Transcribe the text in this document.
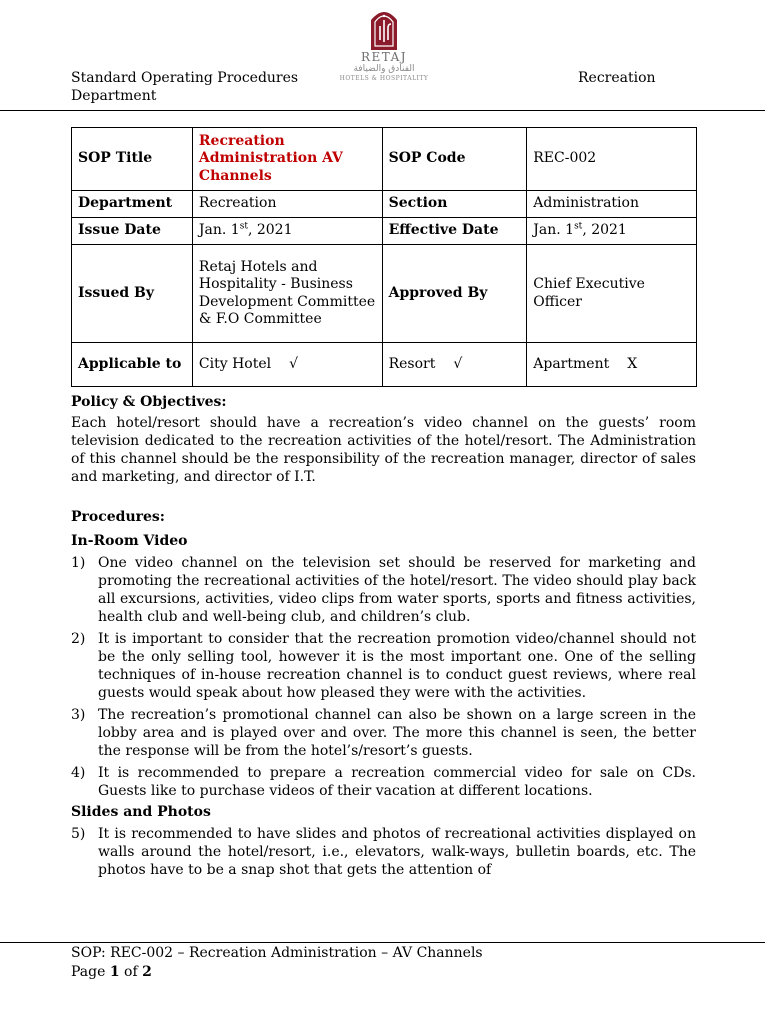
RETAJ
الفنادق والضيافة
HOTELS & HOSPITALITY
Standard Operating Procedures
Department
Recreation
SOP Title	Recreation Administration AV Channels	SOP Code	REC-002
Department	Recreation	Section	Administration
Issue Date	Jan. 1st, 2021	Effective Date	Jan. 1st, 2021
Issued By	Retaj Hotels and Hospitality - Business Development Committee & F.O Committee	Approved By	Chief Executive Officer
Applicable to	City Hotel √	Resort √	Apartment X
Policy & Objectives:

Each hotel/resort should have a recreation’s video channel on the guests’ room television dedicated to the recreation activities of the hotel/resort. The Administration of this channel should be the responsibility of the recreation manager, director of sales and marketing, and director of I.T.

Procedures:
In-Room Video
1) One video channel on the television set should be reserved for marketing and promoting the recreational activities of the hotel/resort. The video should play back all excursions, activities, video clips from water sports, sports and fitness activities, health club and well-being club, and children’s club.
2) It is important to consider that the recreation promotion video/channel should not be the only selling tool, however it is the most important one. One of the selling techniques of in-house recreation channel is to conduct guest reviews, where real guests would speak about how pleased they were with the activities.
3) The recreation’s promotional channel can also be shown on a large screen in the lobby area and is played over and over. The more this channel is seen, the better the response will be from the hotel’s/resort’s guests.
4) It is recommended to prepare a recreation commercial video for sale on CDs. Guests like to purchase videos of their vacation at different locations.
Slides and Photos
5) It is recommended to have slides and photos of recreational activities displayed on walls around the hotel/resort, i.e., elevators, walk-ways, bulletin boards, etc. The photos have to be a snap shot that gets the attention of
SOP: REC-002 – Recreation Administration – AV Channels
Page 1 of 2
